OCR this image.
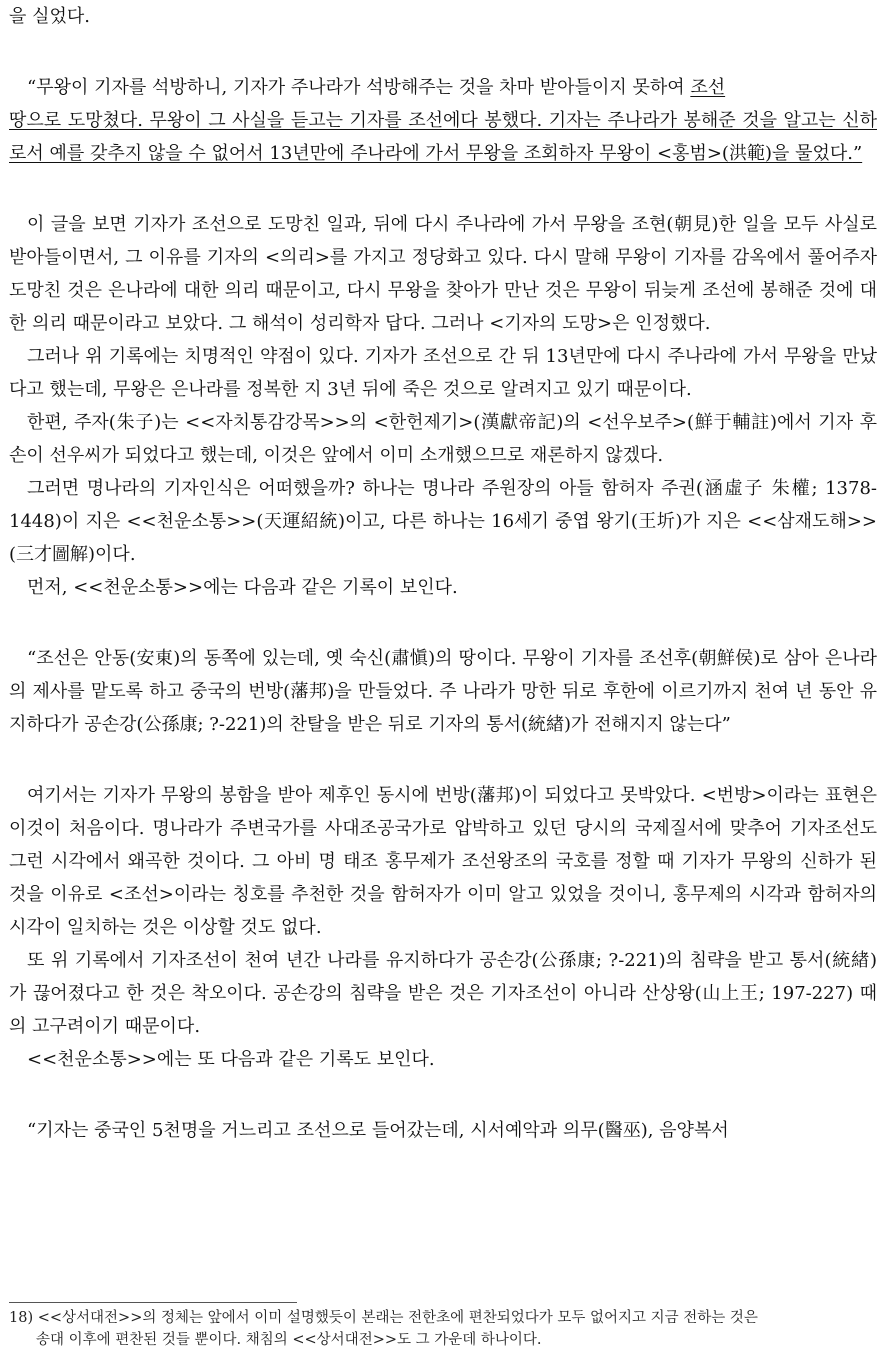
을 실었다.

“무왕이 기자를 석방하니, 기자가 주나라가 석방해주는 것을 차마 받아들이지 못하여 조선
땅으로 도망쳤다. 무왕이 그 사실을 듣고는 기자를 조선에다 봉했다. 기자는 주나라가 봉해준 것을 알고는 신하로서 예를 갖추지 않을 수 없어서 13년만에 주나라에 가서 무왕을 조회하자 무왕이 <홍범>(洪範)을 물었다.”

이 글을 보면 기자가 조선으로 도망친 일과, 뒤에 다시 주나라에 가서 무왕을 조현(朝見)한 일을 모두 사실로 받아들이면서, 그 이유를 기자의 <의리>를 가지고 정당화고 있다. 다시 말해 무왕이 기자를 감옥에서 풀어주자 도망친 것은 은나라에 대한 의리 때문이고, 다시 무왕을 찾아가 만난 것은 무왕이 뒤늦게 조선에 봉해준 것에 대한 의리 때문이라고 보았다. 그 해석이 성리학자 답다. 그러나 <기자의 도망>은 인정했다.

그러나 위 기록에는 치명적인 약점이 있다. 기자가 조선으로 간 뒤 13년만에 다시 주나라에 가서 무왕을 만났다고 했는데, 무왕은 은나라를 정복한 지 3년 뒤에 죽은 것으로 알려지고 있기 때문이다.

한편, 주자(朱子)는 <<자치통감강목>>의 <한헌제기>(漢獻帝記)의 <선우보주>(鮮于輔註)에서 기자 후손이 선우씨가 되었다고 했는데, 이것은 앞에서 이미 소개했으므로 재론하지 않겠다.

그러면 명나라의 기자인식은 어떠했을까? 하나는 명나라 주원장의 아들 함허자 주권(涵虛子 朱權; 1378-1448)이 지은 <<천운소통>>(天運紹統)이고, 다른 하나는 16세기 중엽 왕기(王圻)가 지은 <<삼재도해>>(三才圖解)이다.

먼저, <<천운소통>>에는 다음과 같은 기록이 보인다.

“조선은 안동(安東)의 동쪽에 있는데, 옛 숙신(肅愼)의 땅이다. 무왕이 기자를 조선후(朝鮮侯)로 삼아 은나라의 제사를 맡도록 하고 중국의 번방(藩邦)을 만들었다. 주 나라가 망한 뒤로 후한에 이르기까지 천여 년 동안 유지하다가 공손강(公孫康; ?-221)의 찬탈을 받은 뒤로 기자의 통서(統緖)가 전해지지 않는다”

여기서는 기자가 무왕의 봉함을 받아 제후인 동시에 번방(藩邦)이 되었다고 못박았다. <번방>이라는 표현은 이것이 처음이다. 명나라가 주변국가를 사대조공국가로 압박하고 있던 당시의 국제질서에 맞추어 기자조선도 그런 시각에서 왜곡한 것이다. 그 아비 명 태조 홍무제가 조선왕조의 국호를 정할 때 기자가 무왕의 신하가 된 것을 이유로 <조선>이라는 칭호를 추천한 것을 함허자가 이미 알고 있었을 것이니, 홍무제의 시각과 함허자의 시각이 일치하는 것은 이상할 것도 없다.

또 위 기록에서 기자조선이 천여 년간 나라를 유지하다가 공손강(公孫康; ?-221)의 침략을 받고 통서(統緖)가 끊어졌다고 한 것은 착오이다. 공손강의 침략을 받은 것은 기자조선이 아니라 산상왕(山上王; 197-227) 때의 고구려이기 때문이다.

<<천운소통>>에는 또 다음과 같은 기록도 보인다.

“기자는 중국인 5천명을 거느리고 조선으로 들어갔는데, 시서예악과 의무(醫巫), 음양복서

18) <<상서대전>>의 정체는 앞에서 이미 설명했듯이 본래는 전한초에 편찬되었다가 모두 없어지고 지금 전하는 것은
송대 이후에 편찬된 것들 뿐이다. 채침의 <<상서대전>>도 그 가운데 하나이다.
